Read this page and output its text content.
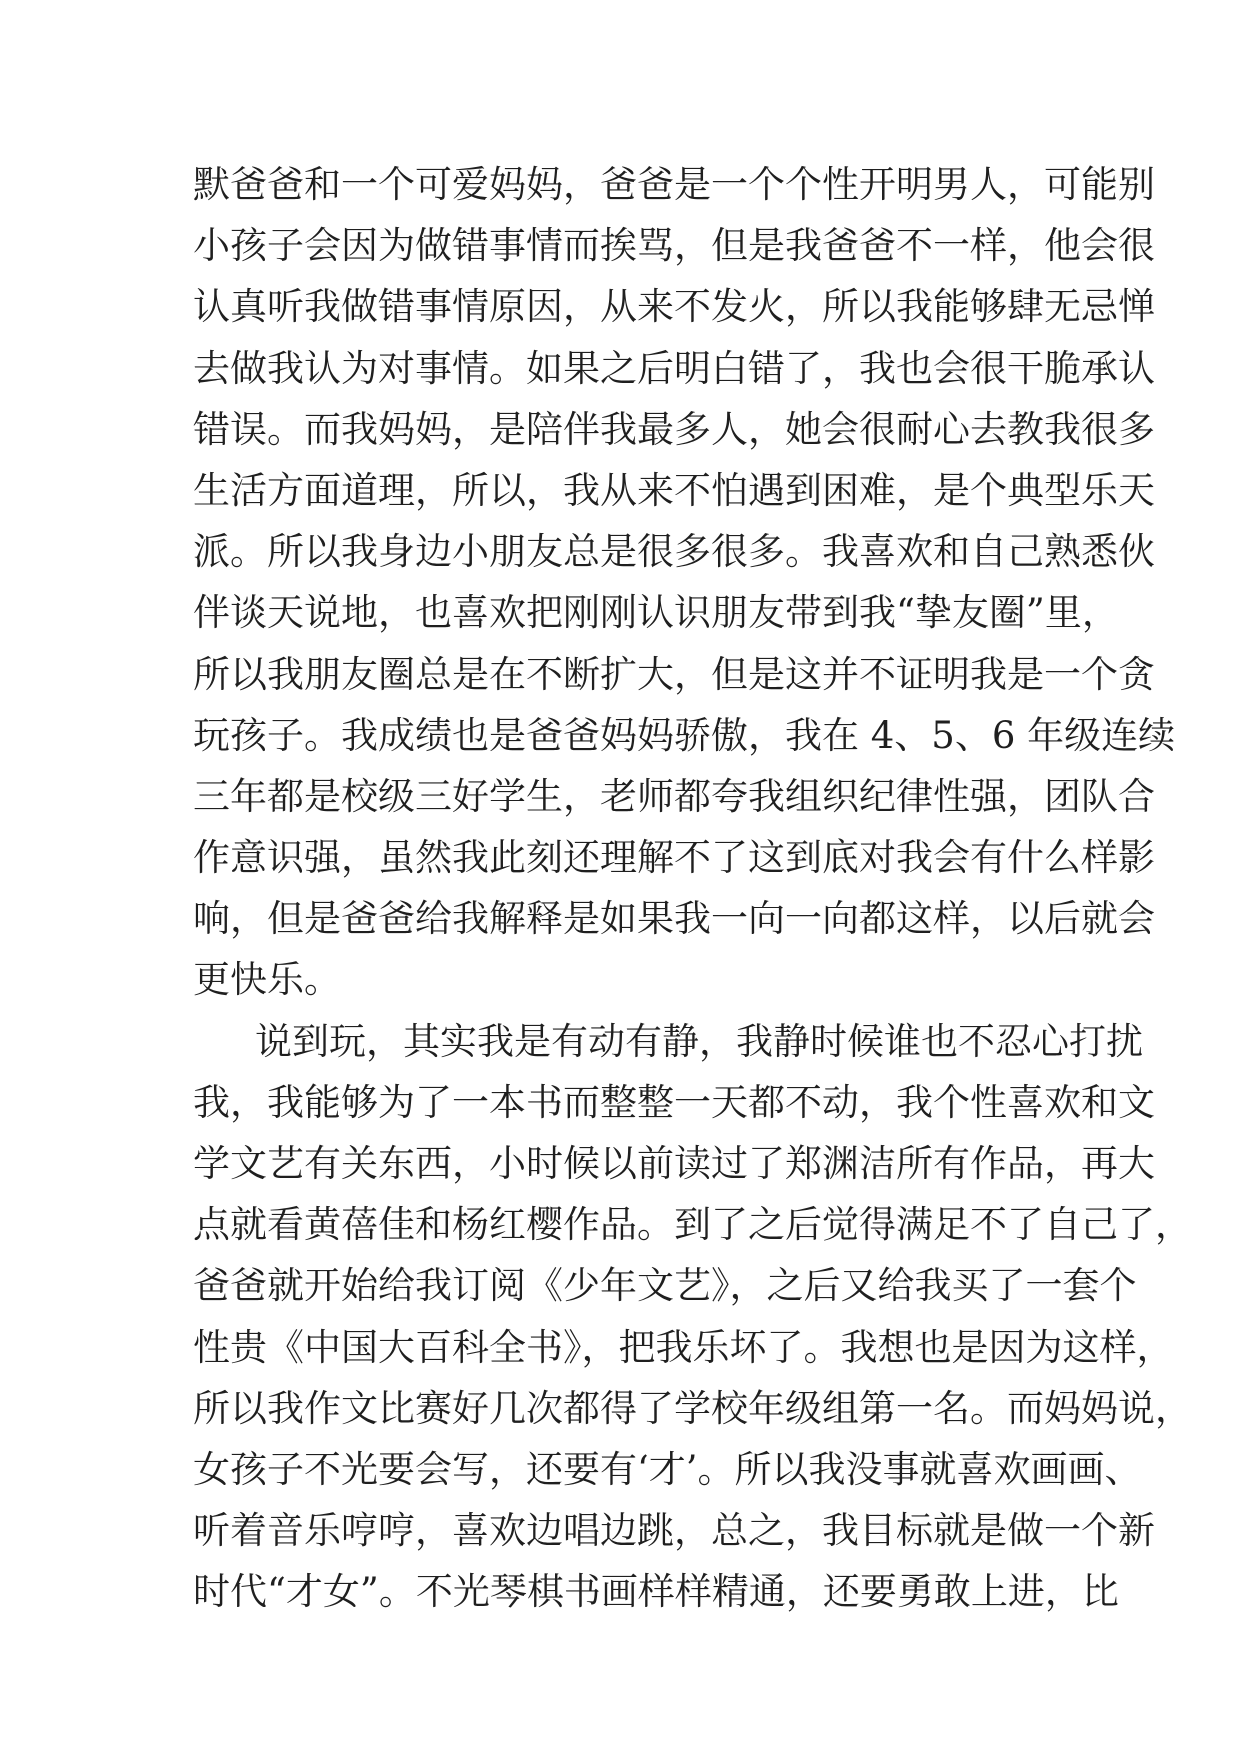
默爸爸和一个可爱妈妈，爸爸是一个个性开明男人，可能别
小孩子会因为做错事情而挨骂，但是我爸爸不一样，他会很
认真听我做错事情原因，从来不发火，所以我能够肆无忌惮
去做我认为对事情。如果之后明白错了，我也会很干脆承认
错误。而我妈妈，是陪伴我最多人，她会很耐心去教我很多
生活方面道理，所以，我从来不怕遇到困难，是个典型乐天
派。所以我身边小朋友总是很多很多。我喜欢和自己熟悉伙
伴谈天说地，也喜欢把刚刚认识朋友带到我“挚友圈”里，
所以我朋友圈总是在不断扩大，但是这并不证明我是一个贪
玩孩子。我成绩也是爸爸妈妈骄傲，我在 4、5、6 年级连续
三年都是校级三好学生，老师都夸我组织纪律性强，团队合
作意识强，虽然我此刻还理解不了这到底对我会有什么样影
响，但是爸爸给我解释是如果我一向一向都这样，以后就会
更快乐。
说到玩，其实我是有动有静，我静时候谁也不忍心打扰
我，我能够为了一本书而整整一天都不动，我个性喜欢和文
学文艺有关东西，小时候以前读过了郑渊洁所有作品，再大
点就看黄蓓佳和杨红樱作品。到了之后觉得满足不了自己了，
爸爸就开始给我订阅《少年文艺》，之后又给我买了一套个
性贵《中国大百科全书》，把我乐坏了。我想也是因为这样，
所以我作文比赛好几次都得了学校年级组第一名。而妈妈说，
女孩子不光要会写，还要有‘才’。所以我没事就喜欢画画、
听着音乐哼哼，喜欢边唱边跳，总之，我目标就是做一个新
时代“才女”。不光琴棋书画样样精通，还要勇敢上进，比
